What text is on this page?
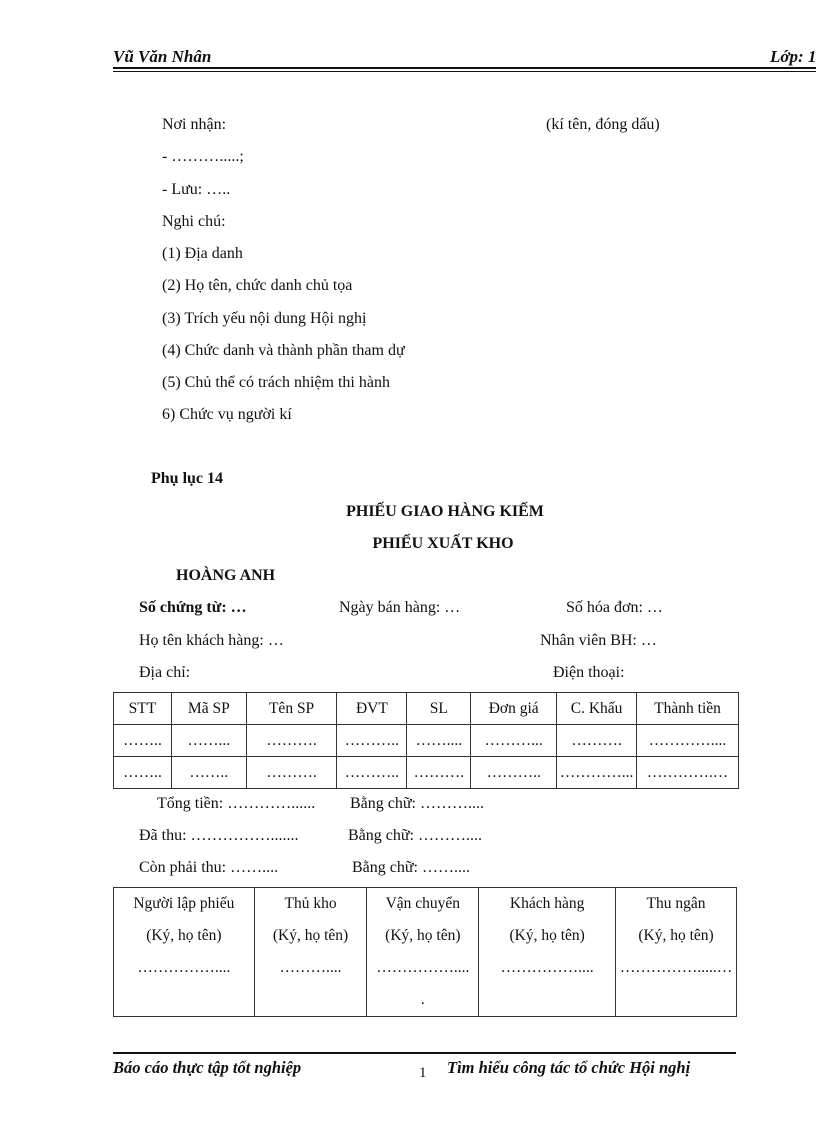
Vũ Văn Nhân	Lớp: 1
Nơi nhận:	(kí tên, đóng dấu)
- ……….....;
- Lưu: …..
Nghi chú:
(1) Địa danh
(2) Họ tên, chức danh chủ tọa
(3) Trích yếu nội dung Hội nghị
(4) Chức danh và thành phần tham dự
(5) Chủ thể có trách nhiệm thi hành
6) Chức vụ người kí
Phụ lục 14
PHIẾU GIAO HÀNG KIẾM
PHIẾU XUẤT KHO
HOÀNG ANH
Số chứng từ: …	Ngày bán hàng: …	Số hóa đơn: …
Họ tên khách hàng: …	Nhân viên BH: …
Địa chỉ:	Điện thoại:
STT	Mã SP	Tên SP	ĐVT	SL	Đơn giá	C. Khấu	Thành tiền
……..	……...	……….	………..	……....	………...	……….	…………....
……..	……..	……….	………..	……….	………..	…………...	………….…
Tổng tiền: …………...... Bằng chữ: ………....
Đã thu: …………….......	Bằng chữ: ………....
Còn phải thu: ……....	Bằng chữ: ……....
Người lập phiếu	Thủ kho	Vận chuyển	Khách hàng	Thu ngân
(Ký, họ tên)	(Ký, họ tên)	(Ký, họ tên)	(Ký, họ tên)	(Ký, họ tên)
……………....	………....	……………....	……………....	…………….....…
		.		
Báo cáo thực tập tốt nghiệp	1 Tìm hiểu công tác tổ chức Hội nghị
